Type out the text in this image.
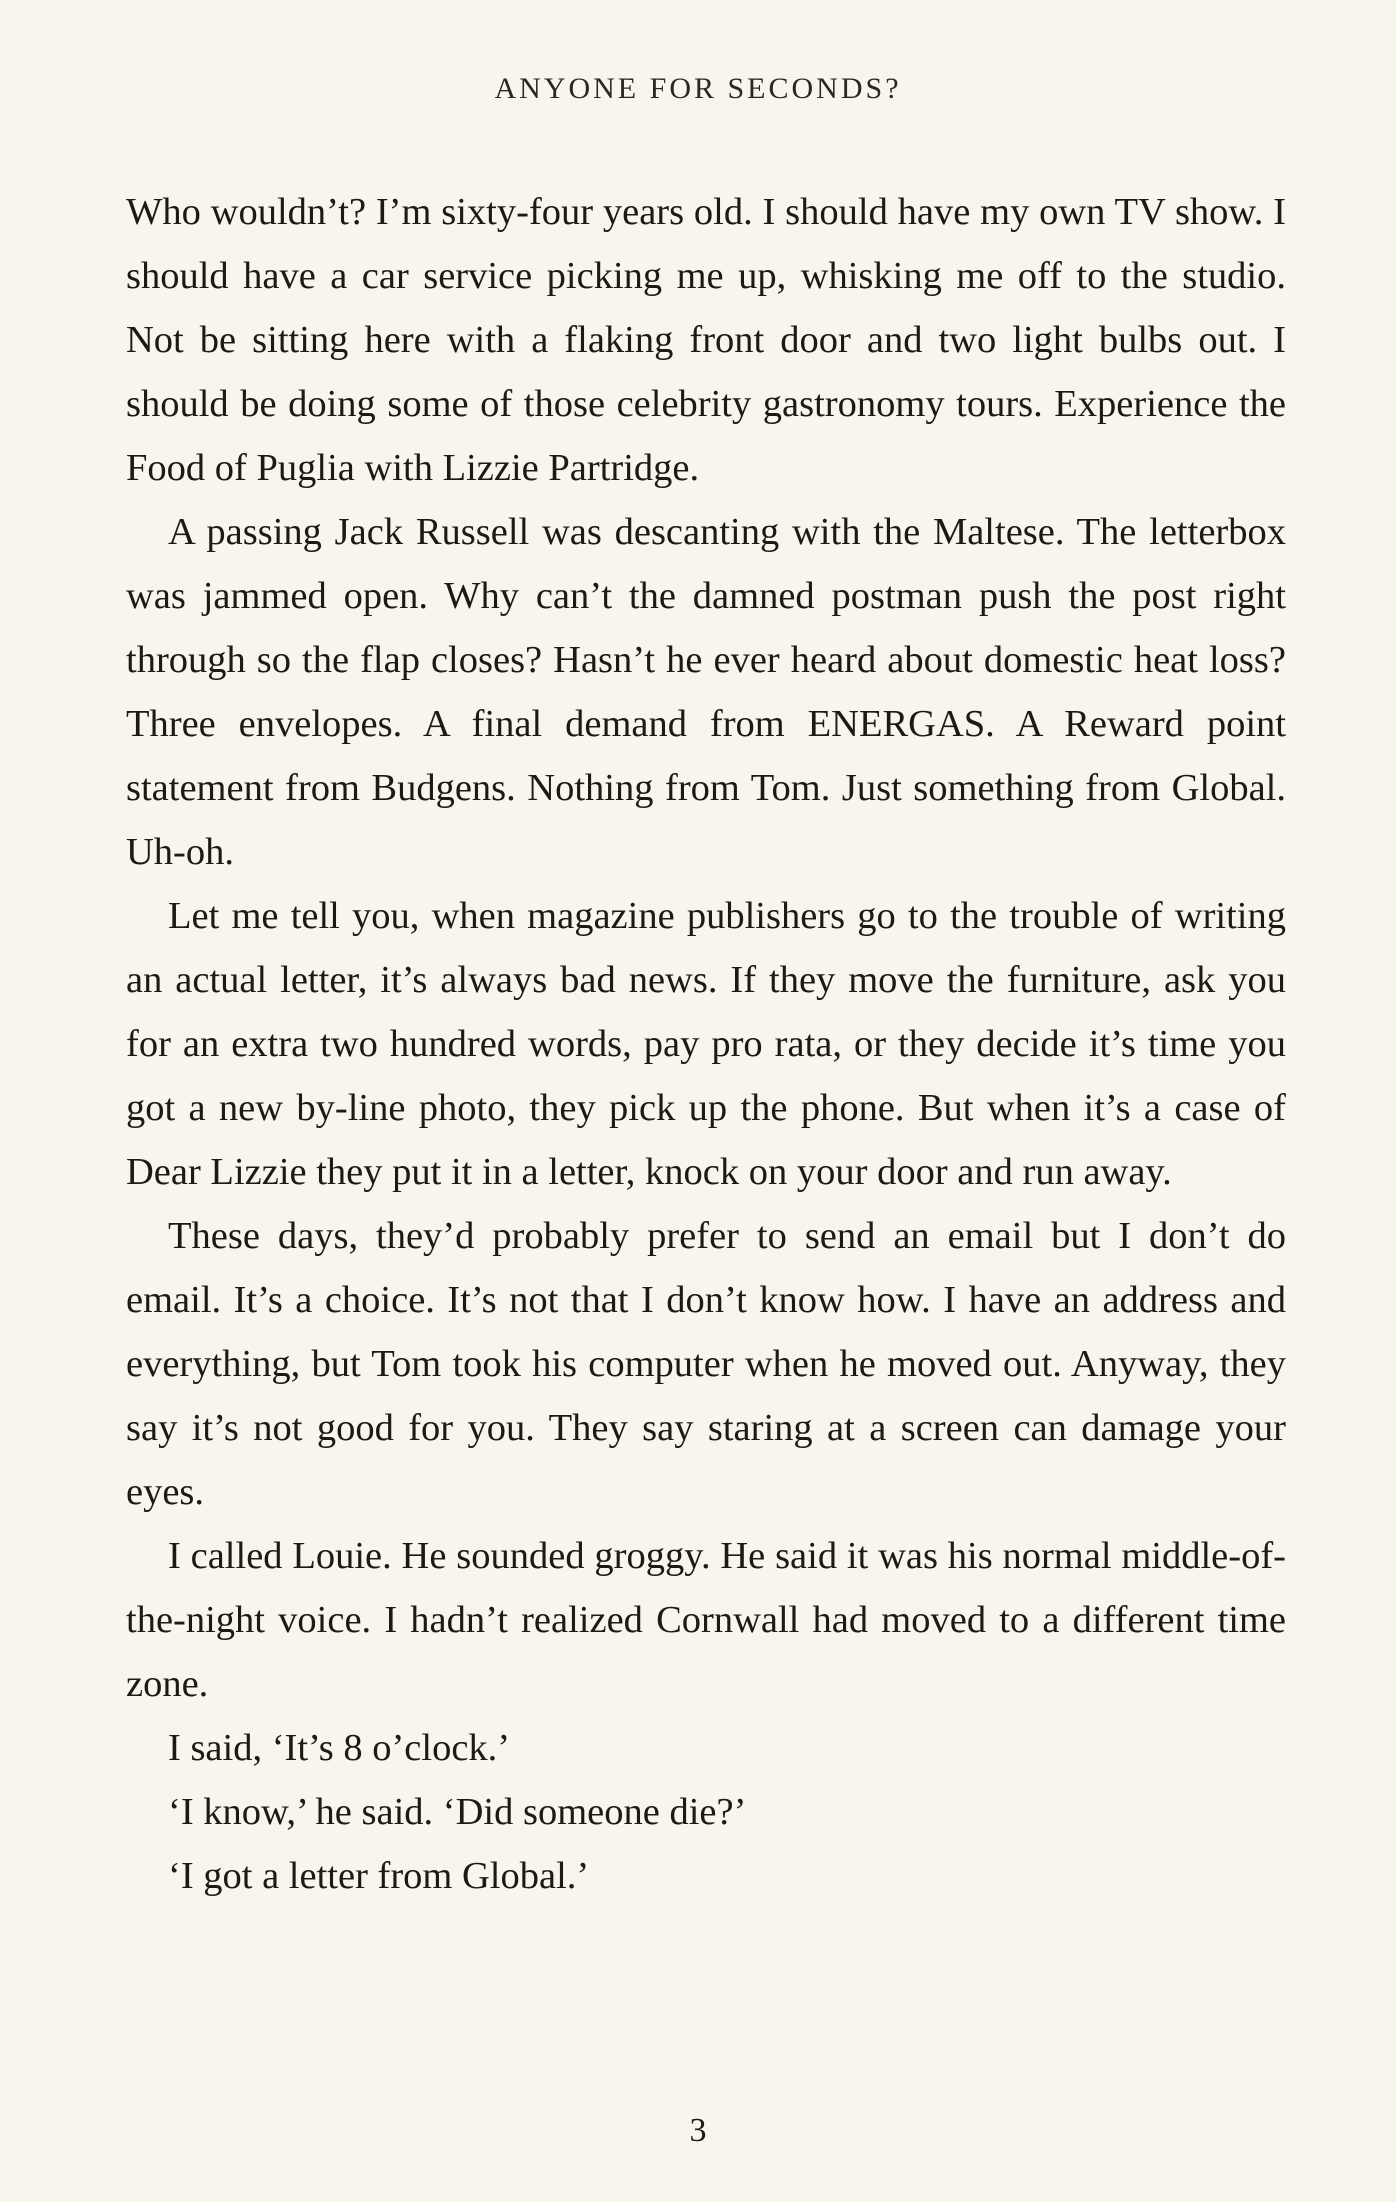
ANYONE FOR SECONDS?

Who wouldn’t? I’m sixty-four years old. I should have my own TV show. I should have a car service picking me up, whisking me off to the studio. Not be sitting here with a flaking front door and two light bulbs out. I should be doing some of those celebrity gastronomy tours. Experience the Food of Puglia with Lizzie Partridge.

A passing Jack Russell was descanting with the Maltese. The letterbox was jammed open. Why can’t the damned postman push the post right through so the flap closes? Hasn’t he ever heard about domestic heat loss? Three envelopes. A final demand from ENERGAS. A Reward point statement from Budgens. Nothing from Tom. Just something from Global. Uh-oh.

Let me tell you, when magazine publishers go to the trouble of writing an actual letter, it’s always bad news. If they move the furniture, ask you for an extra two hundred words, pay pro rata, or they decide it’s time you got a new by-line photo, they pick up the phone. But when it’s a case of Dear Lizzie they put it in a letter, knock on your door and run away.

These days, they’d probably prefer to send an email but I don’t do email. It’s a choice. It’s not that I don’t know how. I have an address and everything, but Tom took his computer when he moved out. Anyway, they say it’s not good for you. They say staring at a screen can damage your eyes.

I called Louie. He sounded groggy. He said it was his normal middle-of-the-night voice. I hadn’t realized Cornwall had moved to a different time zone.

I said, ‘It’s 8 o’clock.’

‘I know,’ he said. ‘Did someone die?’

‘I got a letter from Global.’

3
